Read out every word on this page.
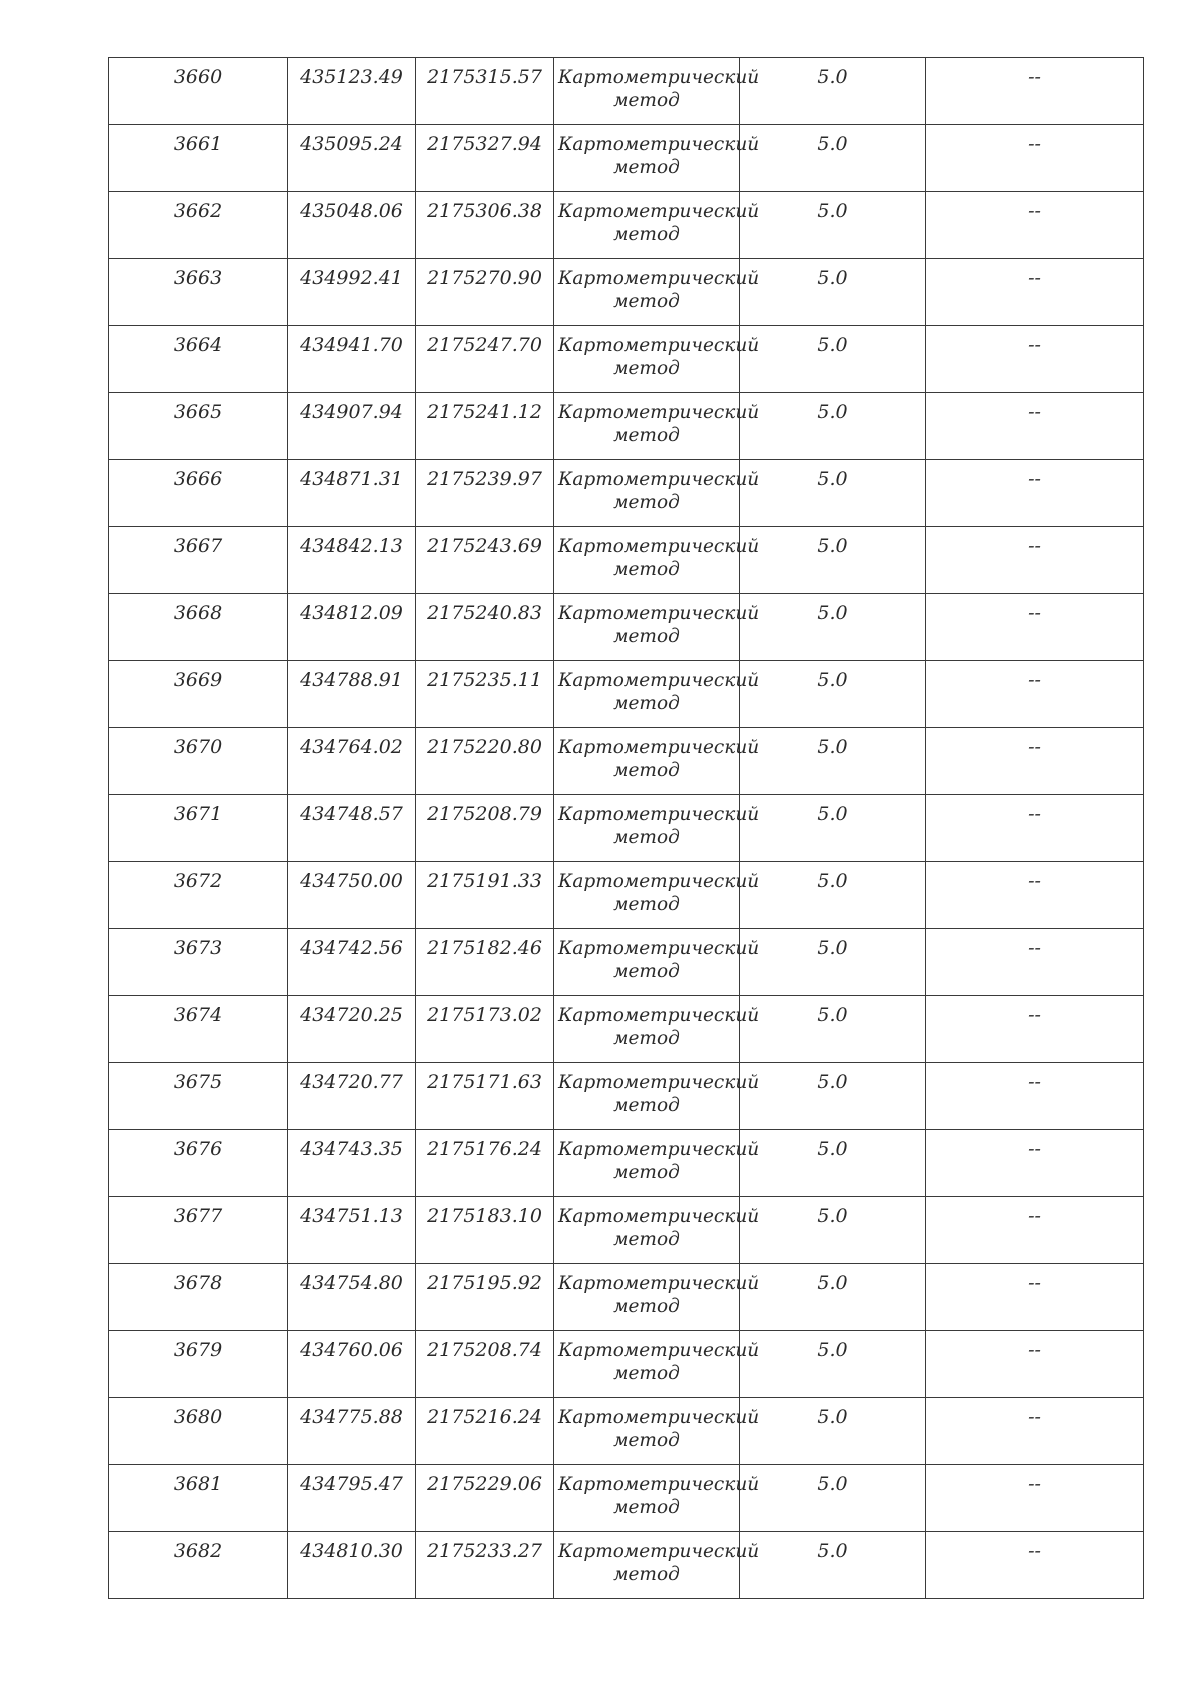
3660	435123.49	2175315.57	Картометрический метод	5.0	--
3661	435095.24	2175327.94	Картометрический метод	5.0	--
3662	435048.06	2175306.38	Картометрический метод	5.0	--
3663	434992.41	2175270.90	Картометрический метод	5.0	--
3664	434941.70	2175247.70	Картометрический метод	5.0	--
3665	434907.94	2175241.12	Картометрический метод	5.0	--
3666	434871.31	2175239.97	Картометрический метод	5.0	--
3667	434842.13	2175243.69	Картометрический метод	5.0	--
3668	434812.09	2175240.83	Картометрический метод	5.0	--
3669	434788.91	2175235.11	Картометрический метод	5.0	--
3670	434764.02	2175220.80	Картометрический метод	5.0	--
3671	434748.57	2175208.79	Картометрический метод	5.0	--
3672	434750.00	2175191.33	Картометрический метод	5.0	--
3673	434742.56	2175182.46	Картометрический метод	5.0	--
3674	434720.25	2175173.02	Картометрический метод	5.0	--
3675	434720.77	2175171.63	Картометрический метод	5.0	--
3676	434743.35	2175176.24	Картометрический метод	5.0	--
3677	434751.13	2175183.10	Картометрический метод	5.0	--
3678	434754.80	2175195.92	Картометрический метод	5.0	--
3679	434760.06	2175208.74	Картометрический метод	5.0	--
3680	434775.88	2175216.24	Картометрический метод	5.0	--
3681	434795.47	2175229.06	Картометрический метод	5.0	--
3682	434810.30	2175233.27	Картометрический метод	5.0	--
